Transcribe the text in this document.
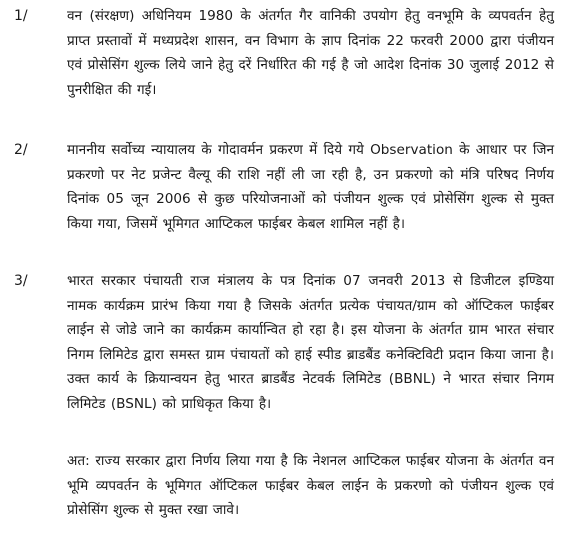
1/	वन (संरक्षण) अधिनियम 1980 के अंतर्गत गैर वानिकी उपयोग हेतु वनभूमि के व्यपवर्तन हेतु प्राप्त प्रस्तावों में मध्यप्रदेश शासन, वन विभाग के ज्ञाप दिनांक 22 फरवरी 2000 द्वारा पंजीयन एवं प्रोसेसिंग शुल्क लिये जाने हेतु दरें निर्धारित की गई है जो आदेश दिनांक 30 जुलाई 2012 से पुनरीक्षित की गई।
2/	माननीय सर्वोच्य न्यायालय के गोदावर्मन प्रकरण में दिये गये Observation के आधार पर जिन प्रकरणो पर नेट प्रजेन्ट वैल्यू की राशि नहीं ली जा रही है, उन प्रकरणो को मंत्रि परिषद निर्णय दिनांक 05 जून 2006 से कुछ परियोजनाओं को पंजीयन शुल्क एवं प्रोसेसिंग शुल्क से मुक्त किया गया, जिसमें भूमिगत आप्टिकल फाईबर केबल शामिल नहीं है।
3/	भारत सरकार पंचायती राज मंत्रालय के पत्र दिनांक 07 जनवरी 2013 से डिजीटल इण्डिया नामक कार्यक्रम प्रारंभ किया गया है जिसके अंतर्गत प्रत्येक पंचायत/ग्राम को ऑप्टिकल फाईबर लाईन से जोडे जाने का कार्यक्रम कार्यान्वित हो रहा है। इस योजना के अंतर्गत ग्राम भारत संचार निगम लिमिटेड द्वारा समस्त ग्राम पंचायतों को हाई स्पीड ब्राडबैंड कनेक्टिविटी प्रदान किया जाना है। उक्त कार्य के क्रियान्वयन हेतु भारत ब्राडबैंड नेटवर्क लिमिटेड (BBNL) ने भारत संचार निगम लिमिटेड (BSNL) को प्राधिकृत किया है।
अत: राज्य सरकार द्वारा निर्णय लिया गया है कि नेशनल आप्टिकल फाईबर योजना के अंतर्गत वन भूमि व्यपवर्तन के भूमिगत ऑप्टिकल फाईबर केबल लाईन के प्रकरणो को पंजीयन शुल्क एवं प्रोसेसिंग शुल्क से मुक्त रखा जावे।
